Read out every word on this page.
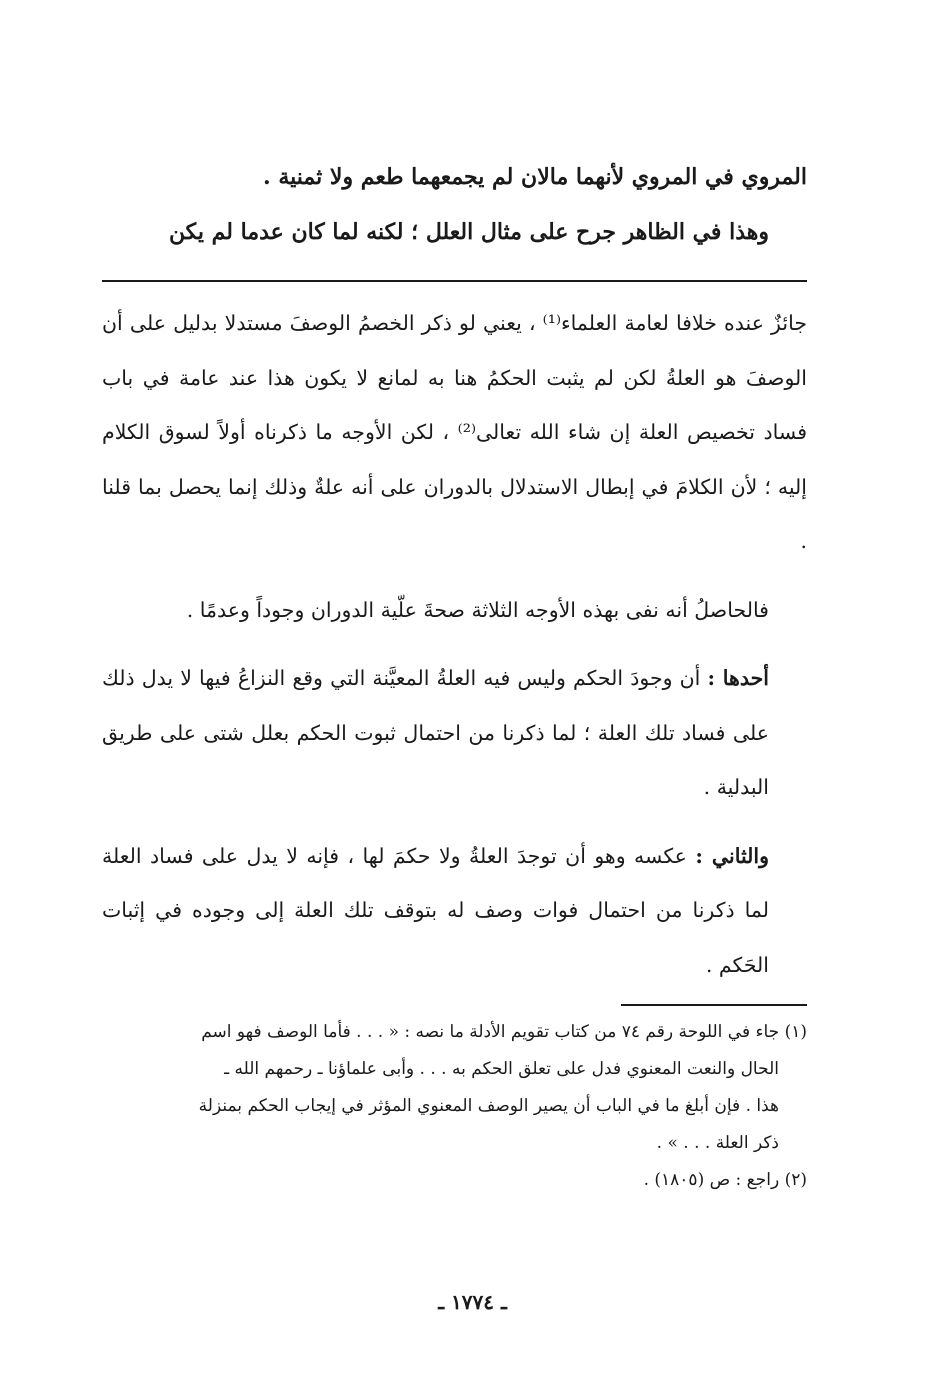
المروي في المروي لأنهما مالان لم يجمعهما طعم ولا ثمنية .

وهذا في الظاهر جرح على مثال العلل ؛ لكنه لما كان عدما لم يكن

جائزٌ عنده خلافا لعامة العلماء⁽¹⁾ ، يعني لو ذكر الخصمُ الوصفَ مستدلا بدليل على أن الوصفَ هو العلةُ لكن لم يثبت الحكمُ هنا به لمانع لا يكون هذا عند عامة في باب فساد تخصيص العلة إن شاء الله تعالى⁽²⁾ ، لكن الأوجه ما ذكرناه أولاً لسوق الكلام إليه ؛ لأن الكلامَ في إبطال الاستدلال بالدوران على أنه علةٌ وذلك إنما يحصل بما قلنا .

فالحاصلُ أنه نفى بهذه الأوجه الثلاثة صحةَ علّية الدوران وجوداً وعدمًا .

أحدها : أن وجودَ الحكم وليس فيه العلةُ المعيَّنة التي وقع النزاعُ فيها لا يدل ذلك على فساد تلك العلة ؛ لما ذكرنا من احتمال ثبوت الحكم بعلل شتى على طريق البدلية .

والثاني : عكسه وهو أن توجدَ العلةُ ولا حكمَ لها ، فإنه لا يدل على فساد العلة لما ذكرنا من احتمال فوات وصف له بتوقف تلك العلة إلى وجوده في إثبات الحَكم .

(١) جاء في اللوحة رقم ٧٤ من كتاب تقويم الأدلة ما نصه : « . . . فأما الوصف فهو اسم

الحال والنعت المعنوي فدل على تعلق الحكم به . . . وأبى علماؤنا ـ رحمهم الله ـ

هذا . فإن أبلغ ما في الباب أن يصير الوصف المعنوي المؤثر في إيجاب الحكم بمنزلة

ذكر العلة . . . » .

(٢) راجع : ص (١٨٠٥) .

ـ ١٧٧٤ ـ
